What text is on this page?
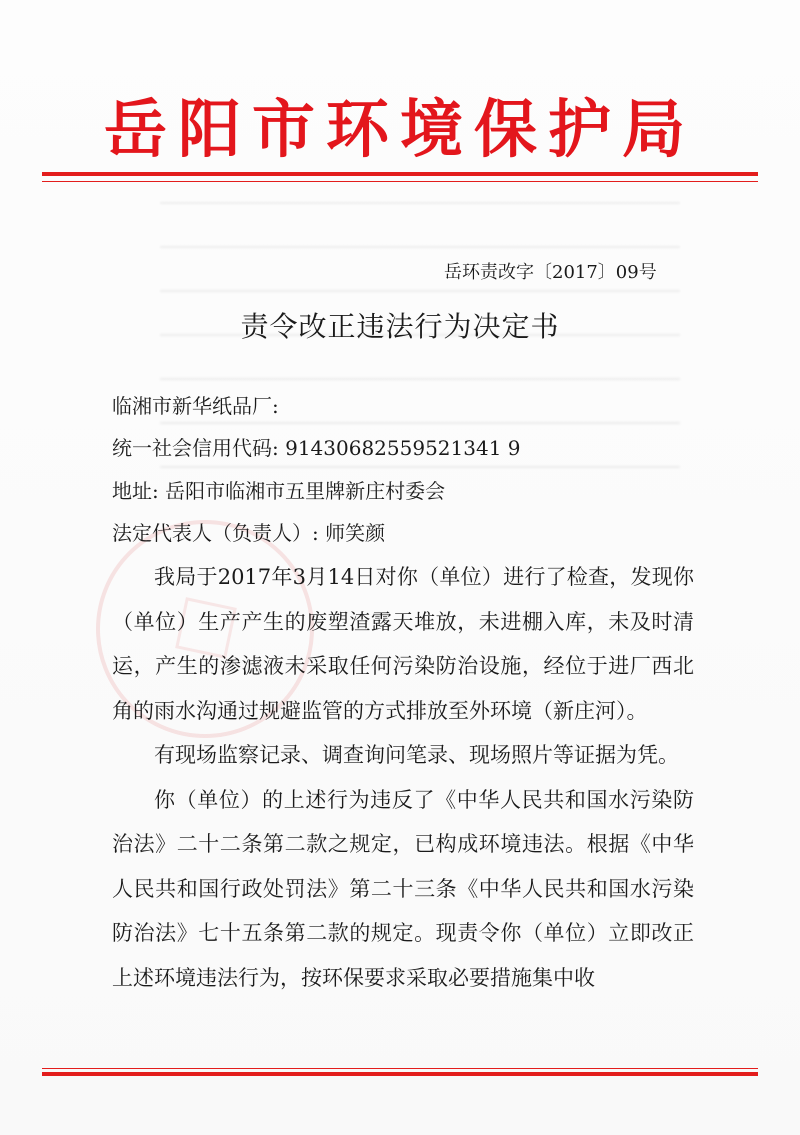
岳阳市环境保护局
岳环责改字〔2017〕09号
责令改正违法行为决定书
临湘市新华纸品厂:
统一社会信用代码: 91430682559521341 9
地址: 岳阳市临湘市五里牌新庄村委会
法定代表人（负责人）: 师笑颜

我局于2017年3月14日对你（单位）进行了检查，发现你（单位）生产产生的废塑渣露天堆放，未进棚入库，未及时清运，产生的渗滤液未采取任何污染防治设施，经位于进厂西北角的雨水沟通过规避监管的方式排放至外环境（新庄河）。

有现场监察记录、调查询问笔录、现场照片等证据为凭。

你（单位）的上述行为违反了《中华人民共和国水污染防治法》二十二条第二款之规定，已构成环境违法。根据《中华人民共和国行政处罚法》第二十三条《中华人民共和国水污染防治法》七十五条第二款的规定。现责令你（单位）立即改正上述环境违法行为，按环保要求采取必要措施集中收
